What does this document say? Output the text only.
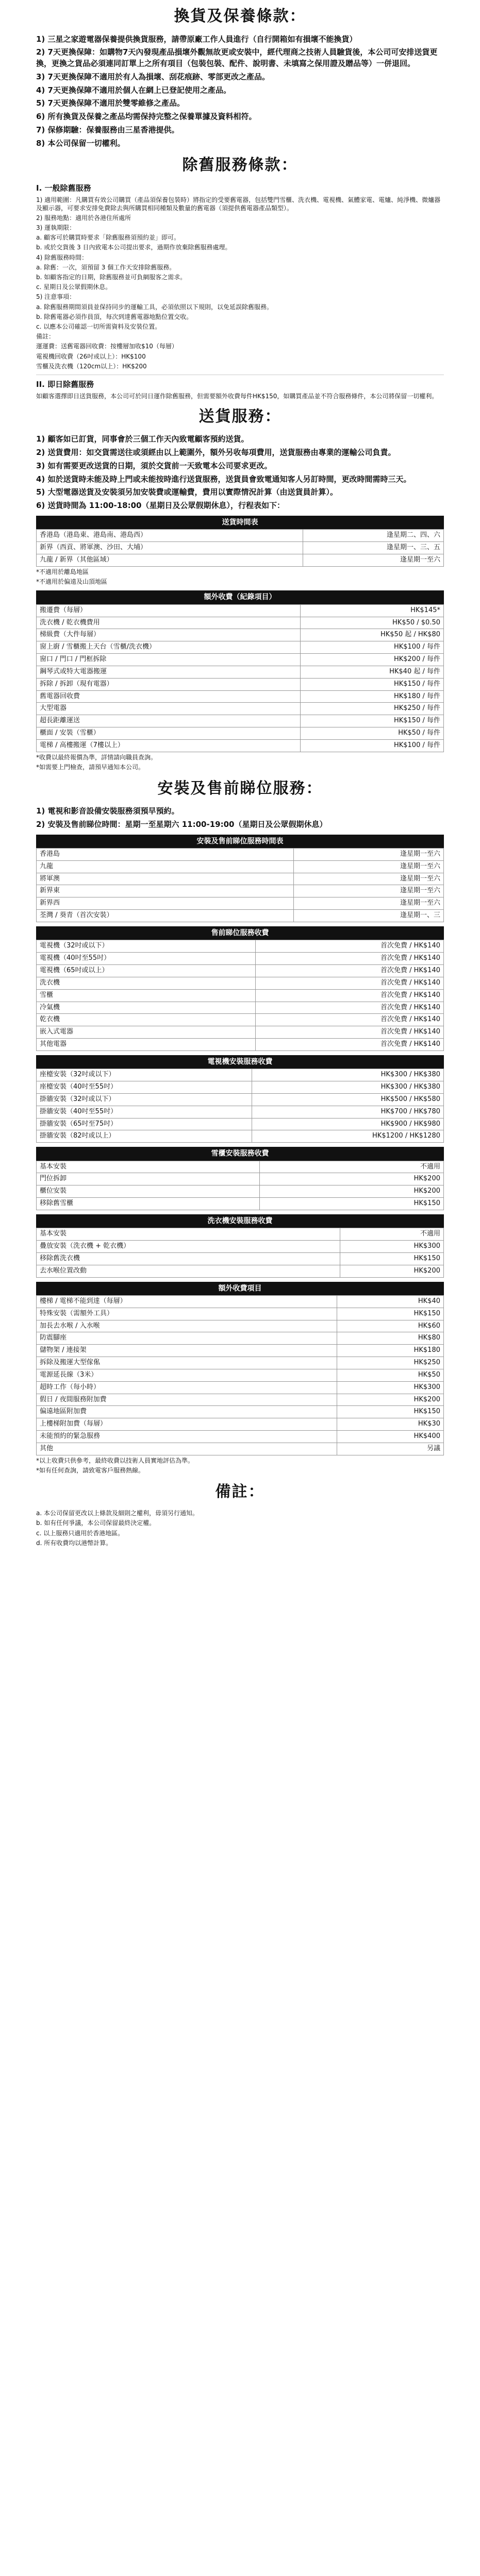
換貨及保養條款：
1) 三星之家遊電器保養提供換貨服務，請帶原廠工作人員進行（自行開箱如有損壞不能換貨）
2) 7天更換保障：如購物7天內發現產品損壞外觀無故更或安裝中，經代理商之技術人員驗貨後，本公司可安排送貨更換，更換之貨品必須連同訂單上之所有項目（包裝包裝、配件、說明書、未填寫之保用證及贈品等）一併退回。
3) 7天更換保障不適用於有人為損壞、刮花痕跡、零部更改之產品。
4) 7天更換保障不適用於個人在網上已登記使用之產品。
5) 7天更換保障不適用於雙零維修之產品。
6) 所有換貨及保養之產品均需保持完整之保養單據及資料相符。
7) 保修期驗：保養服務由三星香港提供。
8) 本公司保留一切權利。
除舊服務條款：
I. 一般除舊服務

1) 適用範圍：凡購買有效公司購買（產品須保養包裝時）將指定的受要舊電器，包括雙門雪櫃、洗衣機、電視機、氣體家電、電爐、純淨機、微爐器及顯示器，可要求安排免費除去與所購買相同種類及數量的舊電器（須提供舊電器產品類型）。

2) 服務地點：適用於各港住所處所

3) 運執期限：

a. 顧客可於購買時要求「除舊服務須預約並」即可。

b. 或於交貨後 3 日內致電本公司提出要求，過期作放棄除舊服務處理。

4) 除舊服務時間：

a. 除舊：一次，須預留 3 個工作天安排除舊服務。

b. 如顧客指定的日期，除舊服務並可負網服客之需求。

c. 星期日及公眾假期休息。

5) 注意事項：

a. 除舊服務期間須員並保持同步的運輸工具，必須依照以下規則，以免延誤除舊服務。

b. 除舊電器必須作員頂，每次到達舊電器地點位置交收。

c. 以應本公司確認一切所需資料及安裝位置。

備註：

運運費：送舊電器回收費：按樓層加收$10（每層）

電視機回收費（26吋或以上）：HK$100

雪櫃及洗衣機（120cm以上）：HK$200

II. 即日除舊服務

如顧客選擇即日送貨服務，本公司可於同日運作除舊服務，但需要額外收費每件HK$150，如購買產品並不符合服務條件，本公司將保留一切權利。

送貨服務：
1) 顧客如已訂貨，同事會於三個工作天內致電顧客預約送貨。
2) 送貨費用：如交貨需送往或須經由以上範圍外，額外另收每項費用，送貨服務由專業的運輸公司負責。
3) 如有需要更改送貨的日期，須於交貨前一天致電本公司要求更改。
4) 如於送貨時未能及時上門或未能按時進行送貨服務，送貨員會致電通知客人另訂時間，更改時間需時三天。
5) 大型電器送貨及安裝須另加安裝費或運輸費，費用以實際情況計算（由送貨員計算）。
6) 送貨時間為 11:00-18:00（星期日及公眾假期休息），行程表如下：
送貨時間表
香港島（港島東、港島南、港島西）	逢星期二、四、六
新界（西貢、將軍澳、沙田、大埔）	逢星期一、三、五
九龍 / 新界（其他區域）	逢星期一至六

*不適用於離島地區

*不適用於偏遠及山頂地區

額外收費（紀錄項目）
搬遷費（每層）	HK$145*
洗衣機 / 乾衣機費用	HK$50 / $0.50
梯級費（大件每層）	HK$50 起 / HK$80
窗上廚 / 雪櫃搬上天台（雪櫃/洗衣機）	HK$100 / 每件
窗口 / 門口 / 門框拆除	HK$200 / 每件
鋼琴式或特大電器搬運	HK$40 起 / 每件
拆除 / 拆卸（現有電器）	HK$150 / 每件
舊電器回收費	HK$180 / 每件
大型電器	HK$250 / 每件
超長距離運送	HK$150 / 每件
櫃面 / 安裝（雪櫃）	HK$50 / 每件
電梯 / 高樓搬運（7樓以上）	HK$100 / 每件

*收費以最終報價為準，詳情請向職員查詢。

*如需要上門檢查，請預早通知本公司。

安裝及售前睇位服務：
1) 電視和影音設備安裝服務須預早預約。
2) 安裝及售前睇位時間：星期一至星期六 11:00-19:00（星期日及公眾假期休息）
安裝及售前睇位服務時間表
香港島	逢星期一至六
九龍	逢星期一至六
將軍澳	逢星期一至六
新界東	逢星期一至六
新界西	逢星期一至六
荃灣 / 葵青（首次安裝）	逢星期一、三
售前睇位服務收費
電視機（32吋或以下）	首次免費 / HK$140
電視機（40吋至55吋）	首次免費 / HK$140
電視機（65吋或以上）	首次免費 / HK$140
洗衣機	首次免費 / HK$140
雪櫃	首次免費 / HK$140
冷氣機	首次免費 / HK$140
乾衣機	首次免費 / HK$140
嵌入式電器	首次免費 / HK$140
其他電器	首次免費 / HK$140
電視機安裝服務收費
座檯安裝（32吋或以下）	HK$300 / HK$380
座檯安裝（40吋至55吋）	HK$300 / HK$380
掛牆安裝（32吋或以下）	HK$500 / HK$580
掛牆安裝（40吋至55吋）	HK$700 / HK$780
掛牆安裝（65吋至75吋）	HK$900 / HK$980
掛牆安裝（82吋或以上）	HK$1200 / HK$1280
雪櫃安裝服務收費
基本安裝	不適用
門位拆卸	HK$200
櫃位安裝	HK$200
移除舊雪櫃	HK$150
洗衣機安裝服務收費
基本安裝	不適用
疊放安裝（洗衣機 + 乾衣機）	HK$300
移除舊洗衣機	HK$150
去水喉位置改動	HK$200
額外收費項目
樓梯 / 電梯不能到達（每層）	HK$40
特殊安裝（需額外工具）	HK$150
加長去水喉 / 入水喉	HK$60
防震腳座	HK$80
儲物架 / 連接架	HK$180
拆除及搬運大型傢俬	HK$250
電源延長線（3米）	HK$50
超時工作（每小時）	HK$300
假日 / 夜間服務附加費	HK$200
偏遠地區附加費	HK$150
上樓梯附加費（每層）	HK$30
未能預約的緊急服務	HK$400
其他	另議

*以上收費只供參考，最終收費以技術人員實地評估為準。

*如有任何查詢，請致電客戶服務熱線。

備註：

a. 本公司保留更改以上條款及細則之權利，毋須另行通知。

b. 如有任何爭議，本公司保留最終決定權。

c. 以上服務只適用於香港地區。

d. 所有收費均以港幣計算。
